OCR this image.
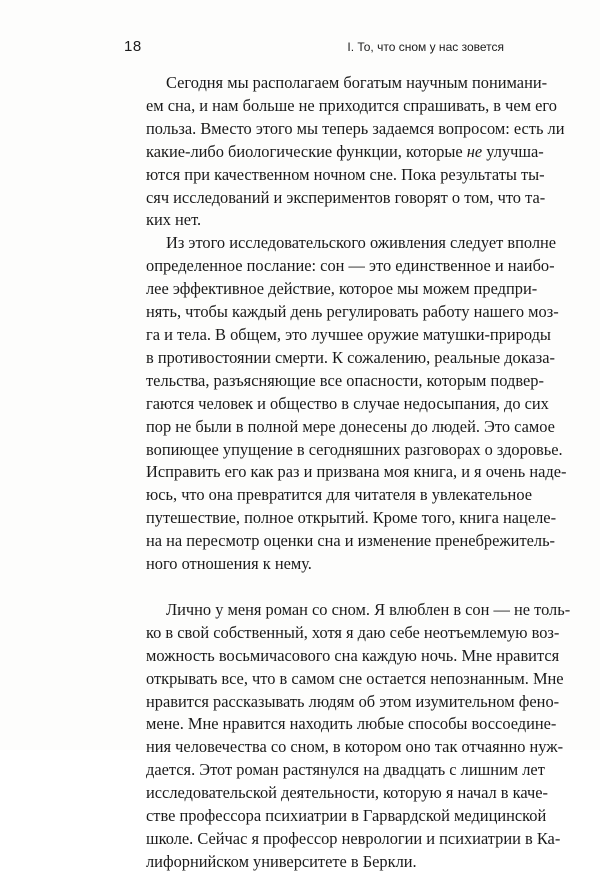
18	I. То, что сном у нас зовется
Сегодня мы располагаем богатым научным понимани-
ем сна, и нам больше не приходится спрашивать, в чем его
польза. Вместо этого мы теперь задаемся вопросом: есть ли
какие-либо биологические функции, которые не улучша-
ются при качественном ночном сне. Пока результаты ты-
сяч исследований и экспериментов говорят о том, что та-
ких нет.
Из этого исследовательского оживления следует вполне
определенное послание: сон — это единственное и наибо-
лее эффективное действие, которое мы можем предпри-
нять, чтобы каждый день регулировать работу нашего моз-
га и тела. В общем, это лучшее оружие матушки-природы
в противостоянии смерти. К сожалению, реальные доказа-
тельства, разъясняющие все опасности, которым подвер-
гаются человек и общество в случае недосыпания, до сих
пор не были в полной мере донесены до людей. Это самое
вопиющее упущение в сегодняшних разговорах о здоровье.
Исправить его как раз и призвана моя книга, и я очень наде-
юсь, что она превратится для читателя в увлекательное
путешествие, полное открытий. Кроме того, книга нацеле-
на на пересмотр оценки сна и изменение пренебрежитель-
ного отношения к нему.
Лично у меня роман со сном. Я влюблен в сон — не толь-
ко в свой собственный, хотя я даю себе неотъемлемую воз-
можность восьмичасового сна каждую ночь. Мне нравится
открывать все, что в самом сне остается непознанным. Мне
нравится рассказывать людям об этом изумительном фено-
мене. Мне нравится находить любые способы воссоедине-
ния человечества со сном, в котором оно так отчаянно нуж-
дается. Этот роман растянулся на двадцать с лишним лет
исследовательской деятельности, которую я начал в каче-
стве профессора психиатрии в Гарвардской медицинской
школе. Сейчас я профессор неврологии и психиатрии в Ка-
лифорнийском университете в Беркли.
